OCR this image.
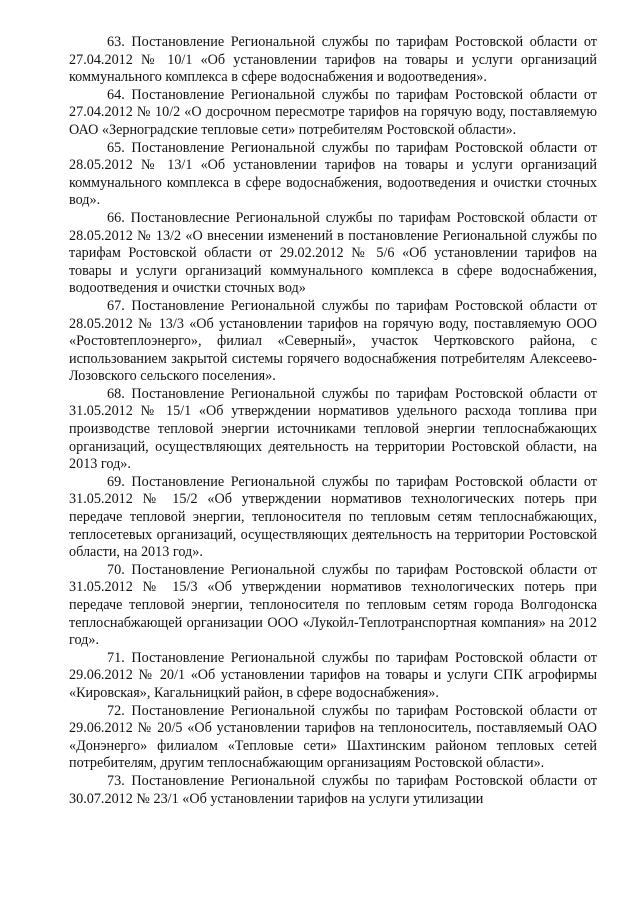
63. Постановление Региональной службы по тарифам Ростовской области от 27.04.2012 № 10/1 «Об установлении тарифов на товары и услуги организаций коммунального комплекса в сфере водоснабжения и водоотведения».

64. Постановление Региональной службы по тарифам Ростовской области от 27.04.2012 № 10/2 «О досрочном пересмотре тарифов на горячую воду, поставляемую ОАО «Зерноградские тепловые сети» потребителям Ростовской области».

65. Постановление Региональной службы по тарифам Ростовской области от 28.05.2012 № 13/1 «Об установлении тарифов на товары и услуги организаций коммунального комплекса в сфере водоснабжения, водоотведения и очистки сточных вод».

66. Постановлеcние Региональной службы по тарифам Ростовской области от 28.05.2012 № 13/2 «О внесении изменений в постановление Региональной службы по тарифам Ростовской области от 29.02.2012 № 5/6 «Об установлении тарифов на товары и услуги организаций коммунального комплекса в сфере водоснабжения, водоотведения и очистки сточных вод»

67. Постановление Региональной службы по тарифам Ростовской области от 28.05.2012 № 13/3 «Об установлении тарифов на горячую воду, поставляемую ООО «Ростовтеплоэнерго», филиал «Северный», участок Чертковского района, с использованием закрытой системы горячего водоснабжения потребителям Алексеево-Лозовского сельского поселения».

68. Постановление Региональной службы по тарифам Ростовской области от 31.05.2012 № 15/1 «Об утверждении нормативов удельного расхода топлива при производстве тепловой энергии источниками тепловой энергии теплоснабжающих организаций, осуществляющих деятельность на территории Ростовской области, на 2013 год».

69. Постановление Региональной службы по тарифам Ростовской области от 31.05.2012 № 15/2 «Об утверждении нормативов технологических потерь при передаче тепловой энергии, теплоносителя по тепловым сетям теплоснабжающих, теплосетевых организаций, осуществляющих деятельность на территории Ростовской области, на 2013 год».

70. Постановление Региональной службы по тарифам Ростовской области от 31.05.2012 № 15/3 «Об утверждении нормативов технологических потерь при передаче тепловой энергии, теплоносителя по тепловым сетям города Волгодонска теплоснабжающей организации ООО «Лукойл-Теплотранспортная компания» на 2012 год».

71. Постановление Региональной службы по тарифам Ростовской области от 29.06.2012 № 20/1 «Об установлении тарифов на товары и услуги СПК агрофирмы «Кировская», Кагальницкий район, в сфере водоснабжения».

72. Постановление Региональной службы по тарифам Ростовской области от 29.06.2012 № 20/5 «Об установлении тарифов на теплоноситель, поставляемый ОАО «Донэнерго» филиалом «Тепловые сети» Шахтинским районом тепловых сетей потребителям, другим теплоснабжающим организациям Ростовской области».

73. Постановление Региональной службы по тарифам Ростовской области от 30.07.2012 № 23/1 «Об установлении тарифов на услуги утилизации
